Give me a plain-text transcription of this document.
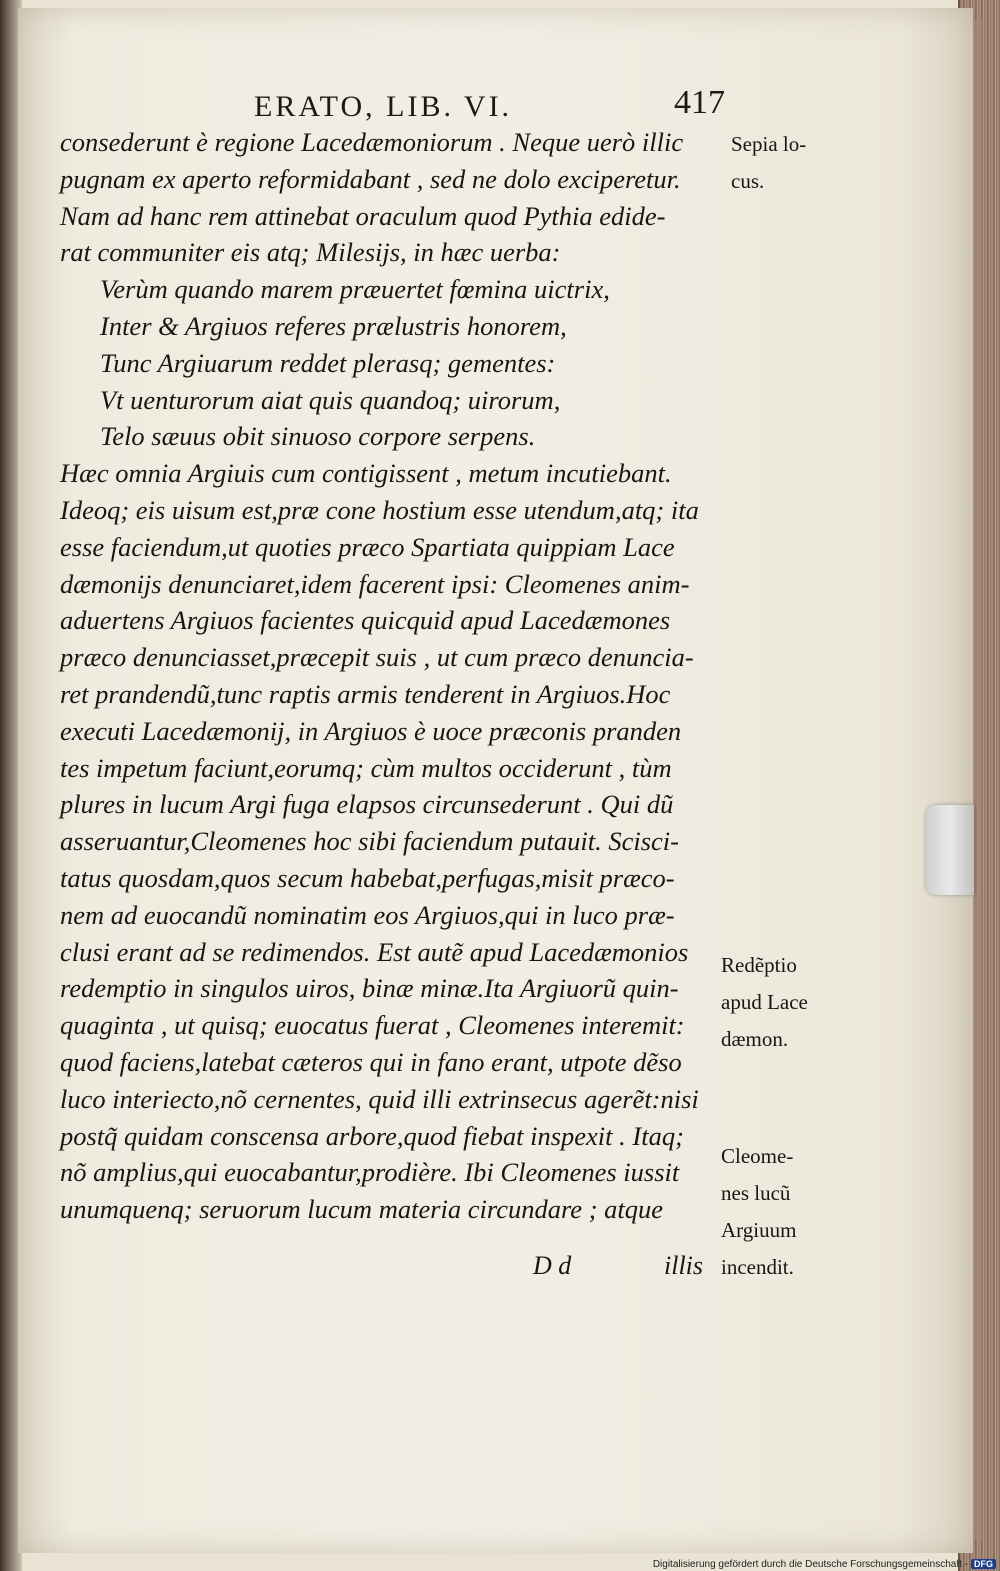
ERATO, LIB. VI.	417
consederunt è regione Lacedæmoniorum . Neque uerò illic
pugnam ex aperto reformidabant , sed ne dolo exciperetur.
Nam ad hanc rem attinebat oraculum quod Pythia edide-
rat communiter eis atq; Milesijs, in hæc uerba:
Verùm quando marem præuertet fœmina uictrix,
Inter & Argiuos referes prælustris honorem,
Tunc Argiuarum reddet plerasq; gementes:
Vt uenturorum aiat quis quandoq; uirorum,
Telo sæuus obit sinuoso corpore serpens.
Hæc omnia Argiuis cum contigissent , metum incutiebant.
Ideoq; eis uisum est,præ cone hostium esse utendum,atq; ita
esse faciendum,ut quoties præco Spartiata quippiam Lace
dæmonijs denunciaret,idem facerent ipsi: Cleomenes anim-
aduertens Argiuos facientes quicquid apud Lacedæmones
præco denunciasset,præcepit suis , ut cum præco denuncia-
ret prandendũ,tunc raptis armis tenderent in Argiuos.Hoc
executi Lacedæmonij, in Argiuos è uoce præconis pranden
tes impetum faciunt,eorumq; cùm multos occiderunt , tùm
plures in lucum Argi fuga elapsos circunsederunt . Qui dũ
asseruantur,Cleomenes hoc sibi faciendum putauit. Scisci-
tatus quosdam,quos secum habebat,perfugas,misit præco-
nem ad euocandũ nominatim eos Argiuos,qui in luco præ-
clusi erant ad se redimendos. Est autẽ apud Lacedæmonios
redemptio in singulos uiros, binæ minæ.Ita Argiuorũ quin-
quaginta , ut quisq; euocatus fuerat , Cleomenes interemit:
quod faciens,latebat cæteros qui in fano erant, utpote dẽso
luco interiecto,nõ cernentes, quid illi extrinsecus agerẽt:nisi
postq̃ quidam conscensa arbore,quod fiebat inspexit . Itaq;
nõ amplius,qui euocabantur,prodière. Ibi Cleomenes iussit
unumquenq; seruorum lucum materia circundare ; atque
Sepia lo-
cus.
Redẽptio
apud Lace
dæmon.
Cleome-
nes lucũ
Argiuum
incendit.
D d	illis
Digitalisierung gefördert durch die Deutsche Forschungsgemeinschaft - DFG
